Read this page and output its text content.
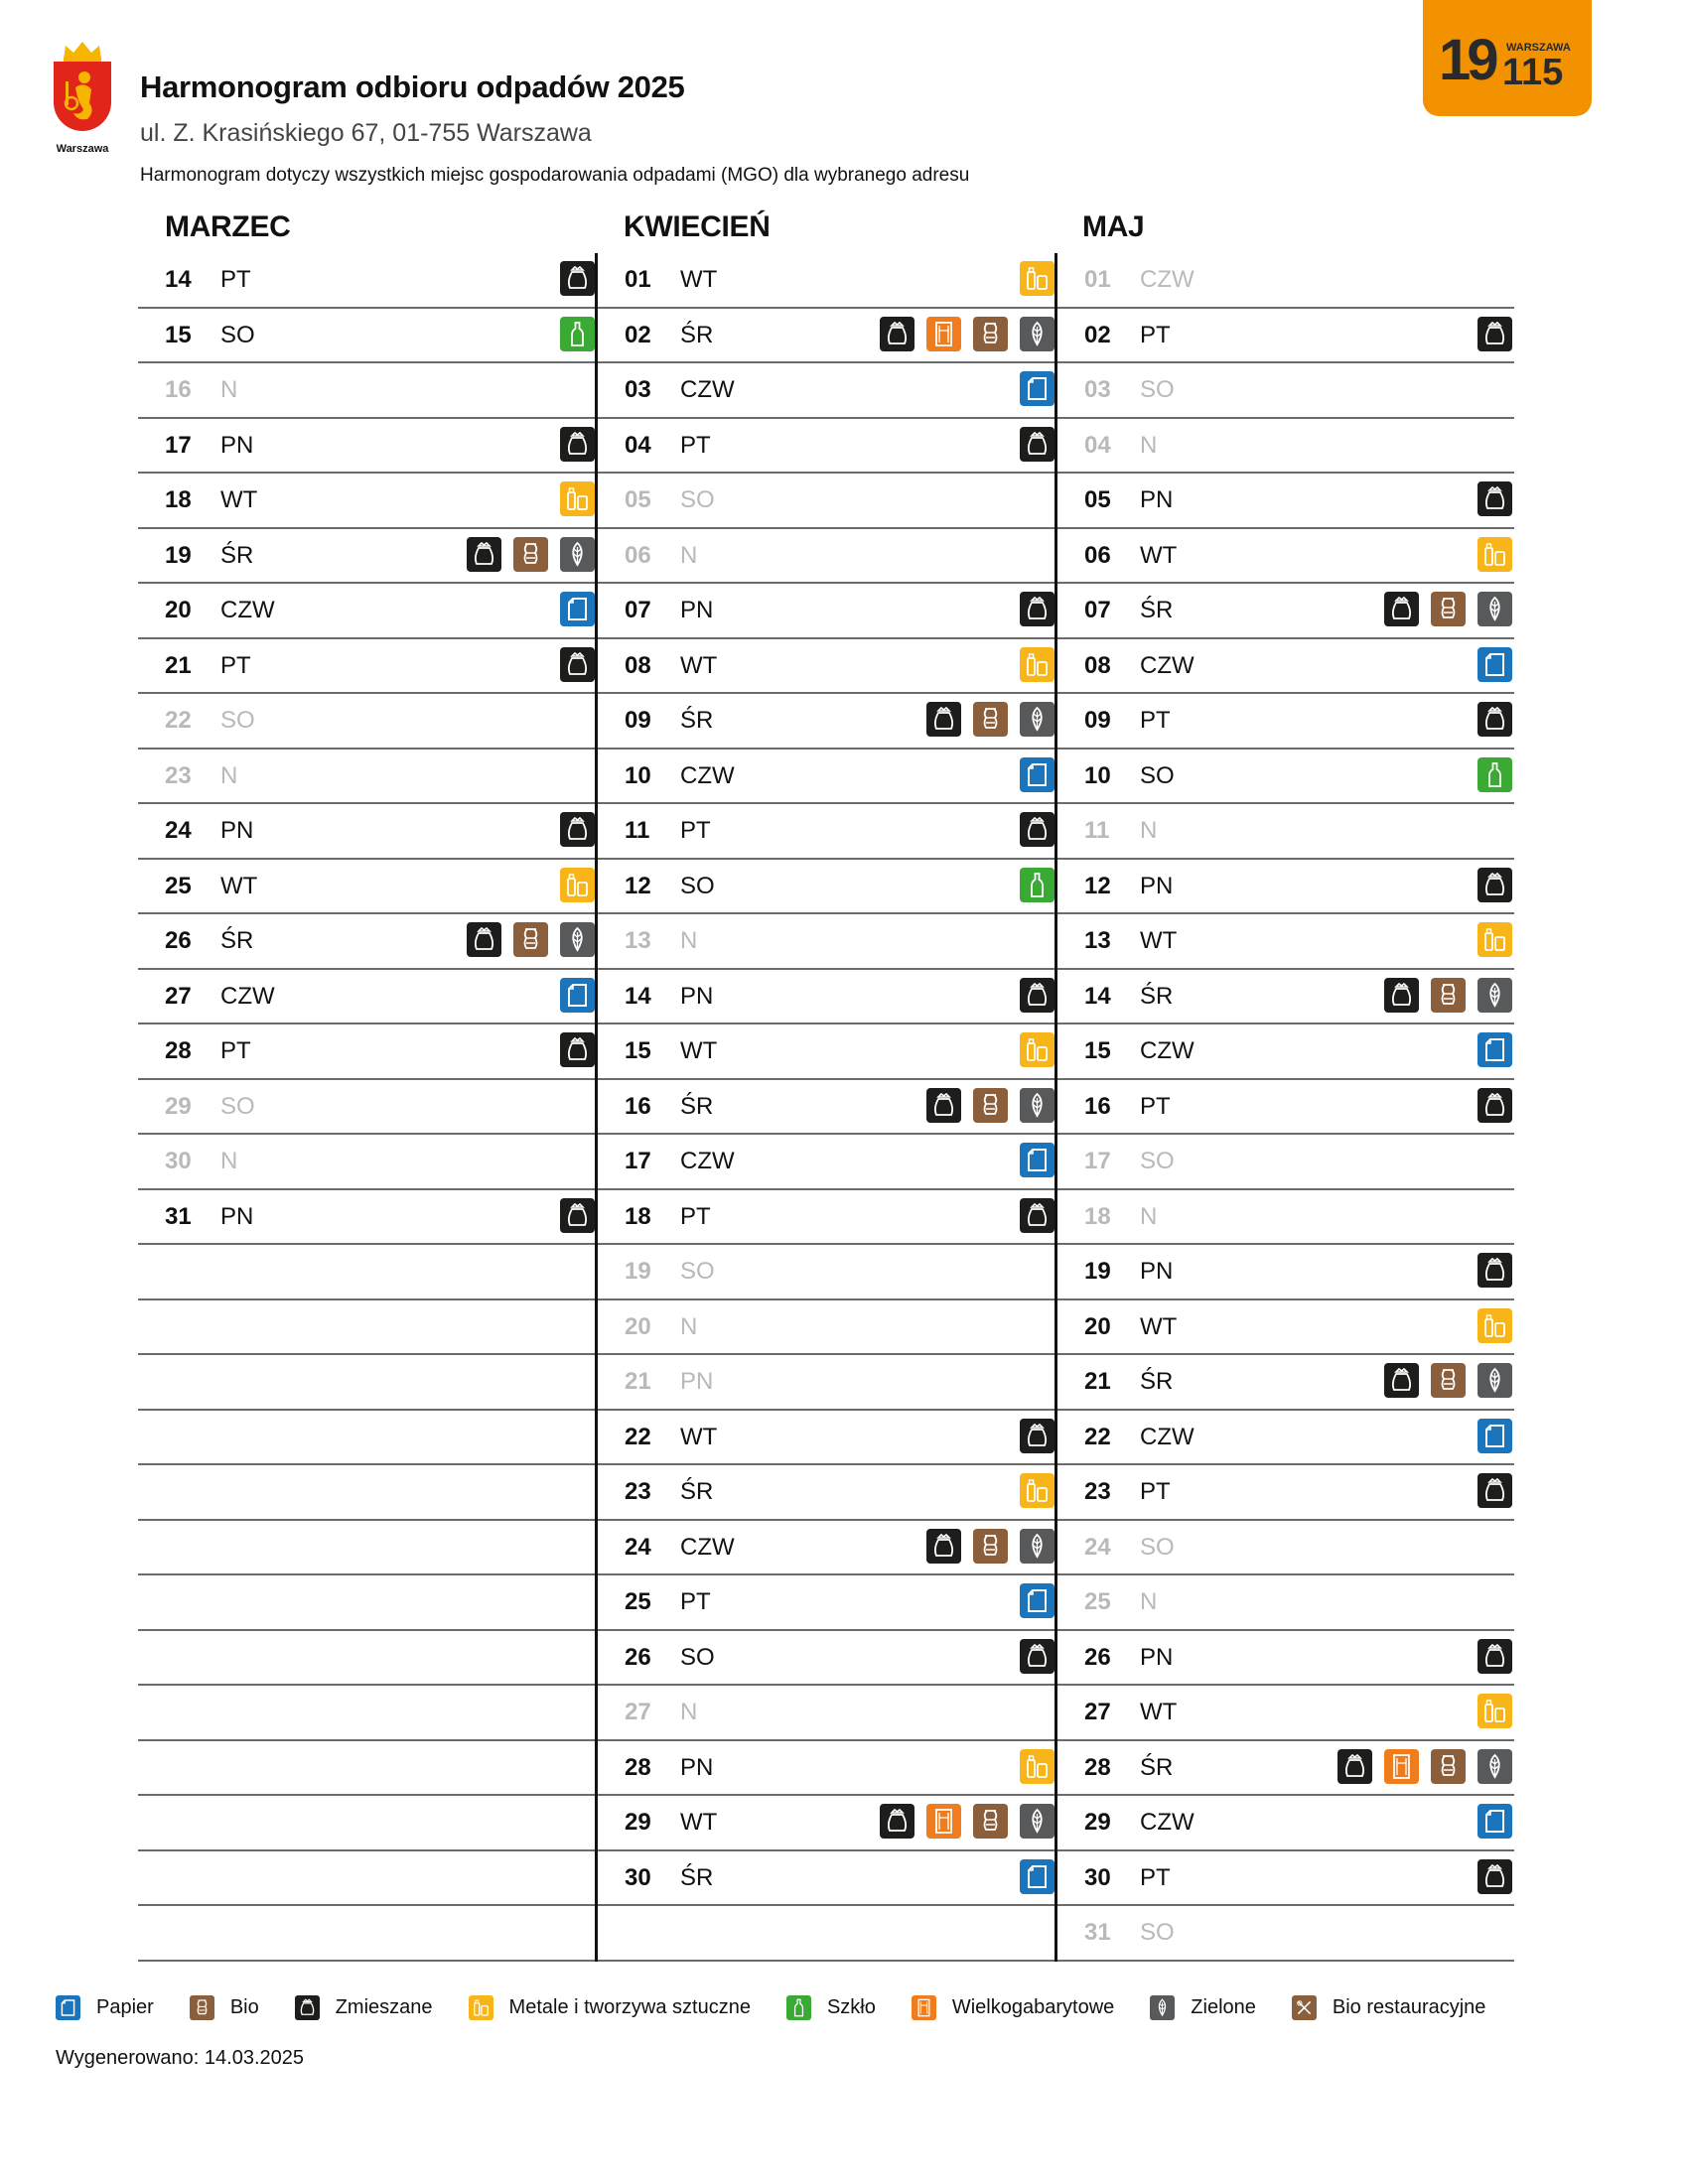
Warszawa
Harmonogram odbioru odpadów 2025
ul. Z. Krasińskiego 67, 01-755 Warszawa
Harmonogram dotyczy wszystkich miejsc gospodarowania odpadami (MGO) dla wybranego adresu
19 WARSZAWA
115
MARZEC	KWIECIEŃ	MAJ
14 PT
15 SO
16 N
17 PN
18 WT
19 ŚR
20 CZW
21 PT
22 SO
23 N
24 PN
25 WT
26 ŚR
27 CZW
28 PT
29 SO
30 N
31 PN
01 WT
02 ŚR
03 CZW
04 PT
05 SO
06 N
07 PN
08 WT
09 ŚR
10 CZW
11 PT
12 SO
13 N
14 PN
15 WT
16 ŚR
17 CZW
18 PT
19 SO
20 N
21 PN
22 WT
23 ŚR
24 CZW
25 PT
26 SO
27 N
28 PN
29 WT
30 ŚR
01 CZW
02 PT
03 SO
04 N
05 PN
06 WT
07 ŚR
08 CZW
09 PT
10 SO
11 N
12 PN
13 WT
14 ŚR
15 CZW
16 PT
17 SO
18 N
19 PN
20 WT
21 ŚR
22 CZW
23 PT
24 SO
25 N
26 PN
27 WT
28 ŚR
29 CZW
30 PT
31 SO
Papier	Bio	Zmieszane	Metale i tworzywa sztuczne	Szkło	Wielkogabarytowe	Zielone	Bio restauracyjne
Wygenerowano: 14.03.2025
